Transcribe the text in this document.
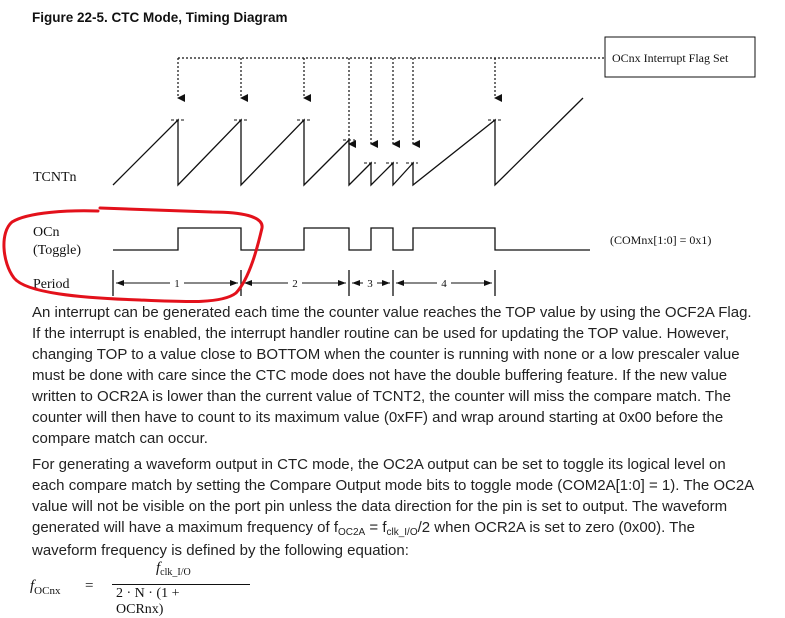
Figure 22-5. CTC Mode, Timing Diagram
OCnx Interrupt Flag Set
TCNTn
OCn
(Toggle)
(COMnx[1:0] = 0x1)
Period	1	2	3	4

An interrupt can be generated each time the counter value reaches the TOP value by using the OCF2A Flag. If the interrupt is enabled, the interrupt handler routine can be used for updating the TOP value. However, changing TOP to a value close to BOTTOM when the counter is running with none or a low prescaler value must be done with care since the CTC mode does not have the double buffering feature. If the new value written to OCR2A is lower than the current value of TCNT2, the counter will miss the compare match. The counter will then have to count to its maximum value (0xFF) and wrap around starting at 0x00 before the compare match can occur.

For generating a waveform output in CTC mode, the OC2A output can be set to toggle its logical level on each compare match by setting the Compare Output mode bits to toggle mode (COM2A[1:0] = 1). The OC2A value will not be visible on the port pin unless the data direction for the pin is set to output. The waveform generated will have a maximum frequency of $f_{OC2A} = f_{clk\_I/O}/2$ when OCR2A is set to zero (0x00). The waveform frequency is defined by the following equation:

$f_{OCnx}$ =
$f_{clk\_I/O}$
2 · N · (1 + OCRnx)
